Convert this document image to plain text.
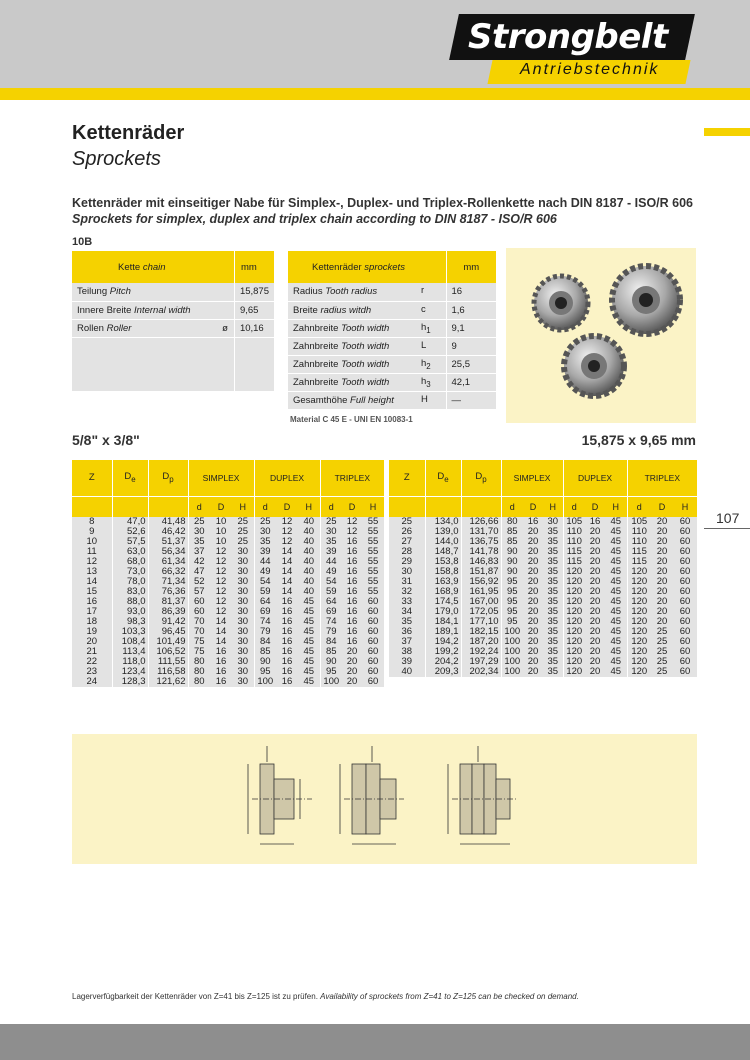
Strongbelt
Antriebstechnik
Kettenräder
Sprockets
Kettenräder mit einseitiger Nabe für Simplex-, Duplex- und Triplex-Rollenkette nach DIN 8187 - ISO/R 606
Sprockets for simplex, duplex and triplex chain according to DIN 8187 - ISO/R 606
10B
Kette chain	mm
Teilung Pitch	15,875
Innere Breite Internal width	9,65
Rollen Roller ø	10,16

Kettenräder sprockets		mm
Radius Tooth radius	r	16
Breite radius witdh	c	1,6
Zahnbreite Tooth width	$h_1$	9,1
Zahnbreite Tooth width	L	9
Zahnbreite Tooth width	$h_2$	25,5
Zahnbreite Tooth width	$h_3$	42,1
Gesamthöhe Full height	H	—
Material C 45 E - UNI EN 10083-1
5/8" x 3/8"	15,875 x 9,65 mm
Z	$D_e$	$D_p$	SIMPLEX			DUPLEX			TRIPLEX		
			d	D	H	d	D	H	d	D	H
8	47,0	41,48	25	10	25	25	12	40	25	12	55
9	52,6	46,42	30	10	25	30	12	40	30	12	55
10	57,5	51,37	35	10	25	35	12	40	35	16	55
11	63,0	56,34	37	12	30	39	14	40	39	16	55
12	68,0	61,34	42	12	30	44	14	40	44	16	55
13	73,0	66,32	47	12	30	49	14	40	49	16	55
14	78,0	71,34	52	12	30	54	14	40	54	16	55
15	83,0	76,36	57	12	30	59	14	40	59	16	55
16	88,0	81,37	60	12	30	64	16	45	64	16	60
17	93,0	86,39	60	12	30	69	16	45	69	16	60
18	98,3	91,42	70	14	30	74	16	45	74	16	60
19	103,3	96,45	70	14	30	79	16	45	79	16	60
20	108,4	101,49	75	14	30	84	16	45	84	16	60
21	113,4	106,52	75	16	30	85	16	45	85	20	60
22	118,0	111,55	80	16	30	90	16	45	90	20	60
23	123,4	116,58	80	16	30	95	16	45	95	20	60
24	128,3	121,62	80	16	30	100	16	45	100	20	60
Z	$D_e$	$D_p$	SIMPLEX			DUPLEX			TRIPLEX		
			d	D	H	d	D	H	d	D	H
25	134,0	126,66	80	16	30	105	16	45	105	20	60
26	139,0	131,70	85	20	35	110	20	45	110	20	60
27	144,0	136,75	85	20	35	110	20	45	110	20	60
28	148,7	141,78	90	20	35	115	20	45	115	20	60
29	153,8	146,83	90	20	35	115	20	45	115	20	60
30	158,8	151,87	90	20	35	120	20	45	120	20	60
31	163,9	156,92	95	20	35	120	20	45	120	20	60
32	168,9	161,95	95	20	35	120	20	45	120	20	60
33	174,5	167,00	95	20	35	120	20	45	120	20	60
34	179,0	172,05	95	20	35	120	20	45	120	20	60
35	184,1	177,10	95	20	35	120	20	45	120	20	60
36	189,1	182,15	100	20	35	120	20	45	120	25	60
37	194,2	187,20	100	20	35	120	20	45	120	25	60
38	199,2	192,24	100	20	35	120	20	45	120	25	60
39	204,2	197,29	100	20	35	120	20	45	120	25	60
40	209,3	202,34	100	20	35	120	20	45	120	25	60
107
Lagerverfügbarkeit der Kettenräder von Z=41 bis Z=125 ist zu prüfen. Availability of sprockets from Z=41 to Z=125 can be checked on demand.
